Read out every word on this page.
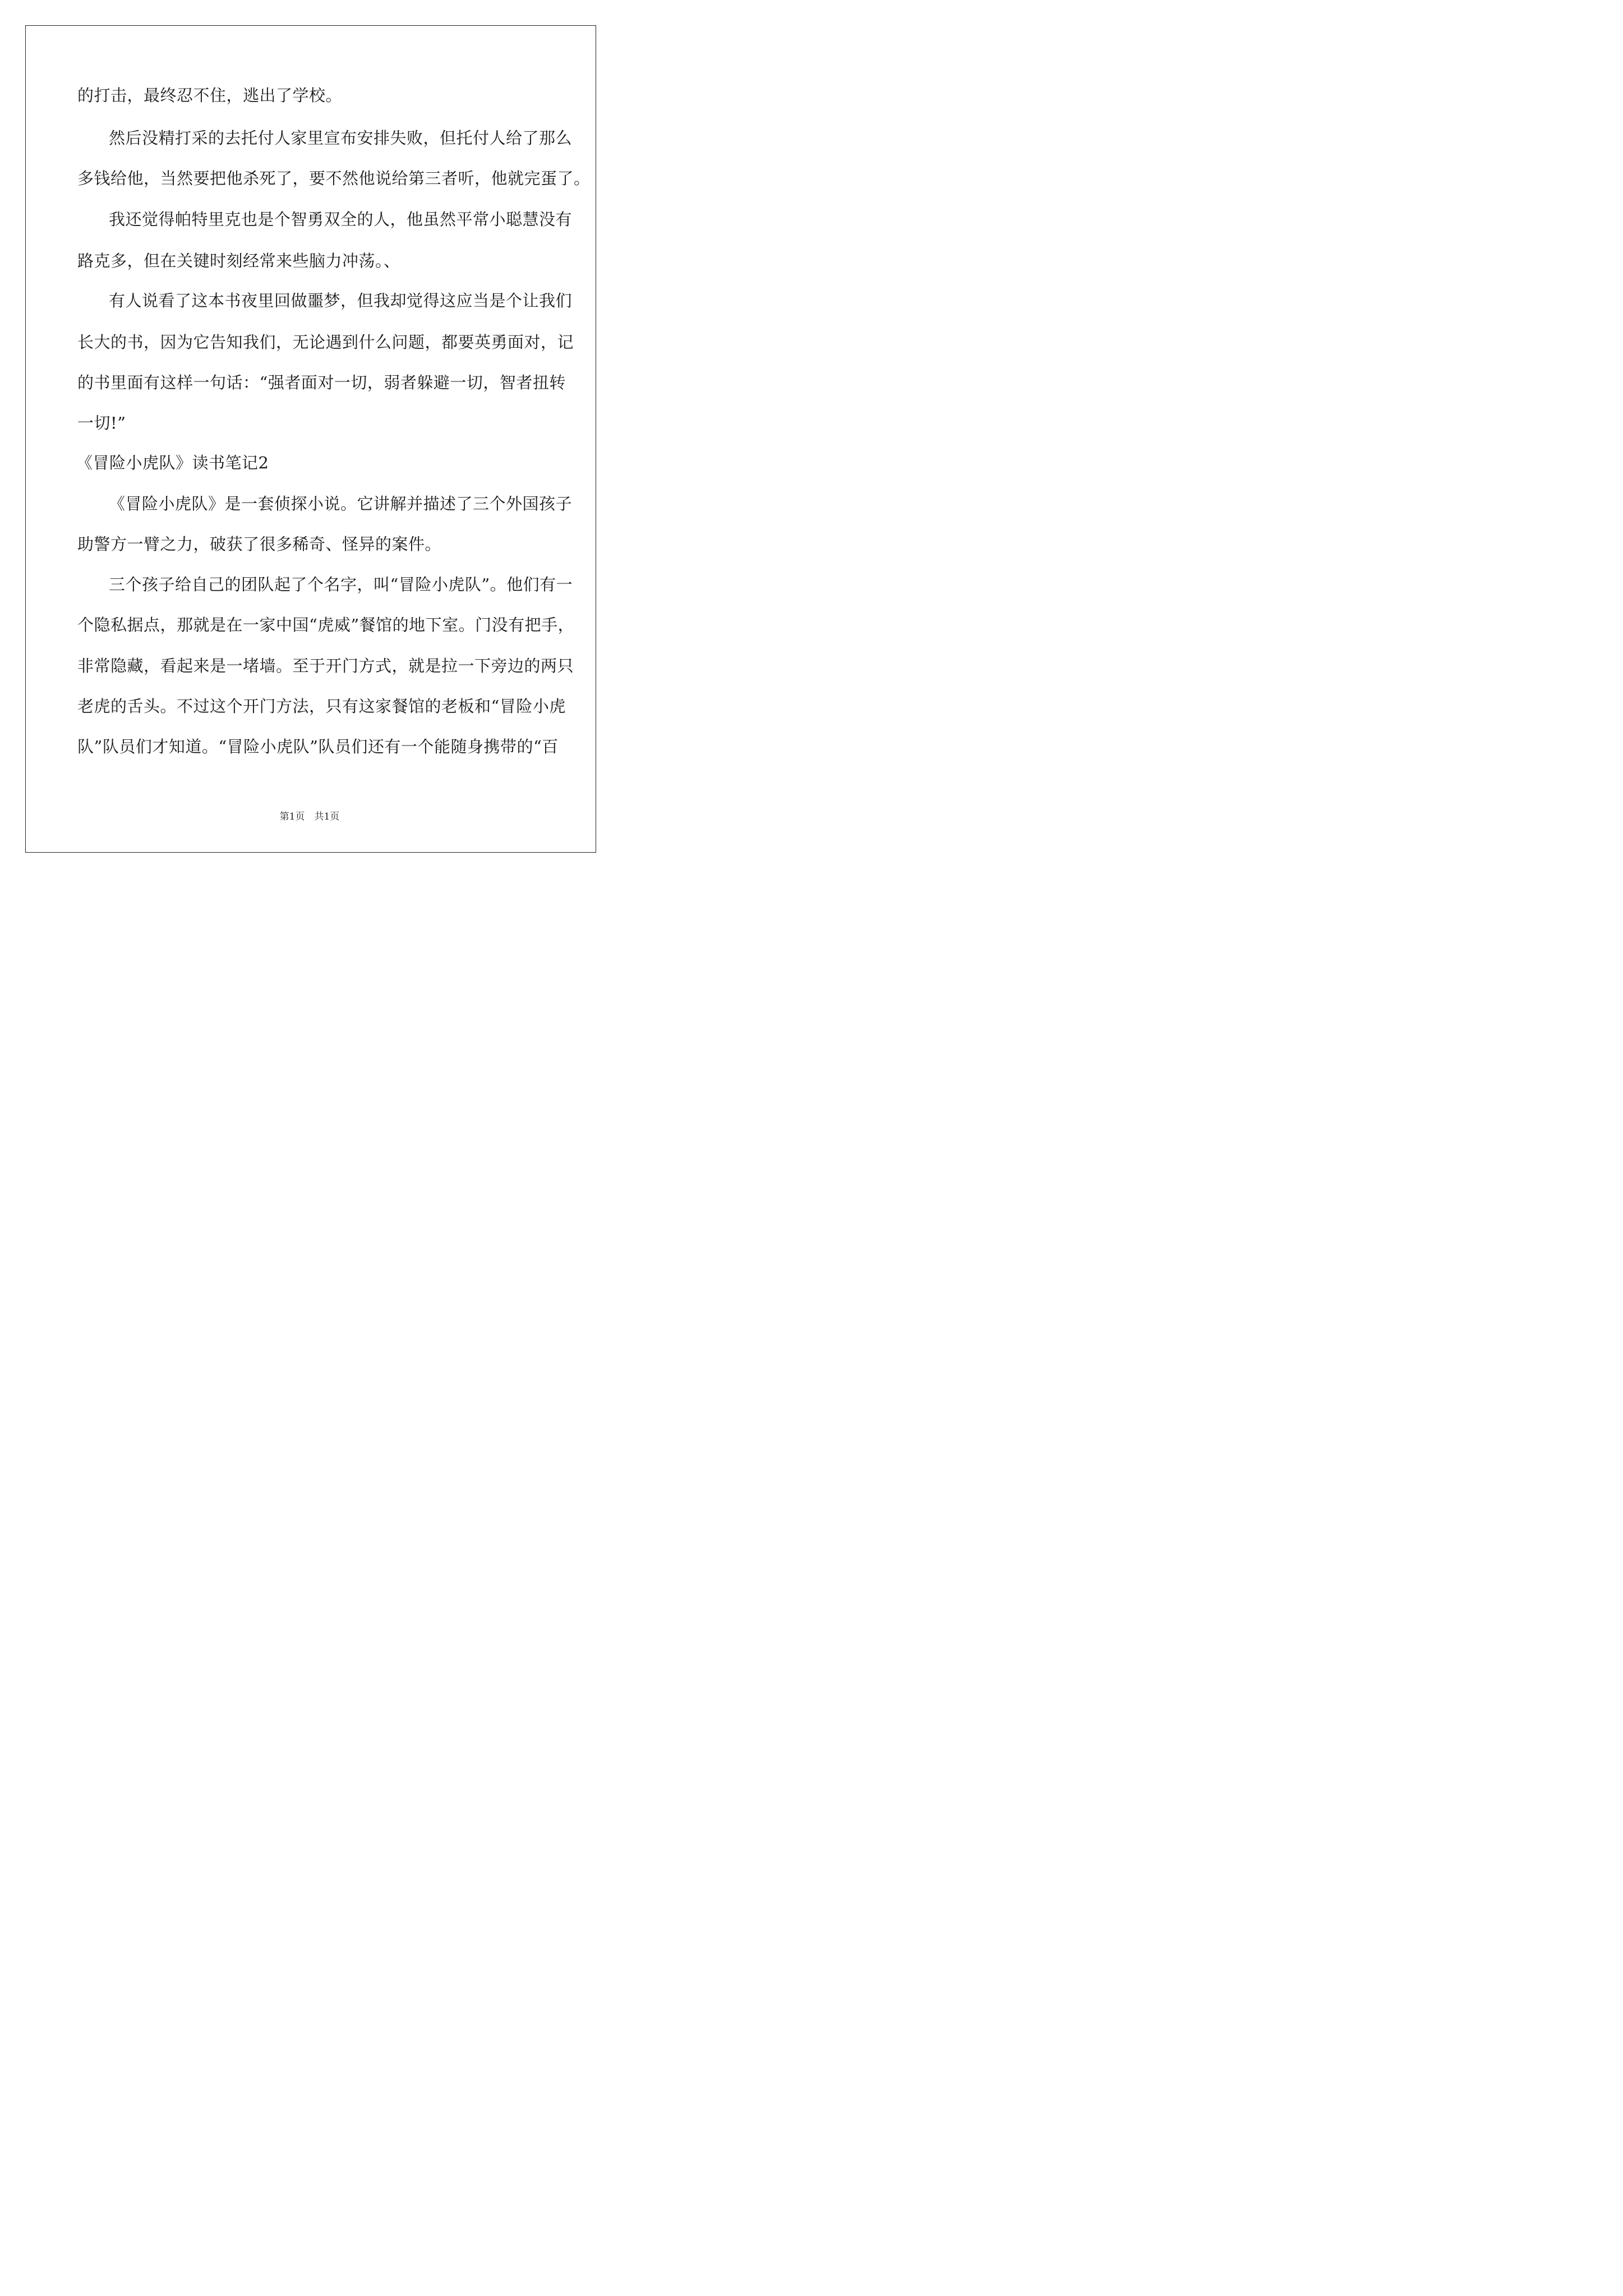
的打击，最终忍不住，逃出了学校。
然后没精打采的去托付人家里宣布安排失败，但托付人给了那么
多钱给他，当然要把他杀死了，要不然他说给第三者听，他就完蛋了。
我还觉得帕特里克也是个智勇双全的人，他虽然平常小聪慧没有
路克多，但在关键时刻经常来些脑力冲荡。、
有人说看了这本书夜里回做噩梦，但我却觉得这应当是个让我们
长大的书，因为它告知我们，无论遇到什么问题，都要英勇面对，记
的书里面有这样一句话：“强者面对一切，弱者躲避一切，智者扭转
一切!”
《冒险小虎队》读书笔记2
《冒险小虎队》是一套侦探小说。它讲解并描述了三个外国孩子
助警方一臂之力，破获了很多稀奇、怪异的案件。
三个孩子给自己的团队起了个名字，叫“冒险小虎队”。他们有一
个隐私据点，那就是在一家中国“虎威”餐馆的地下室。门没有把手，
非常隐藏，看起来是一堵墙。至于开门方式，就是拉一下旁边的两只
老虎的舌头。不过这个开门方法，只有这家餐馆的老板和“冒险小虎
队”队员们才知道。“冒险小虎队”队员们还有一个能随身携带的“百
第1页　共1页
